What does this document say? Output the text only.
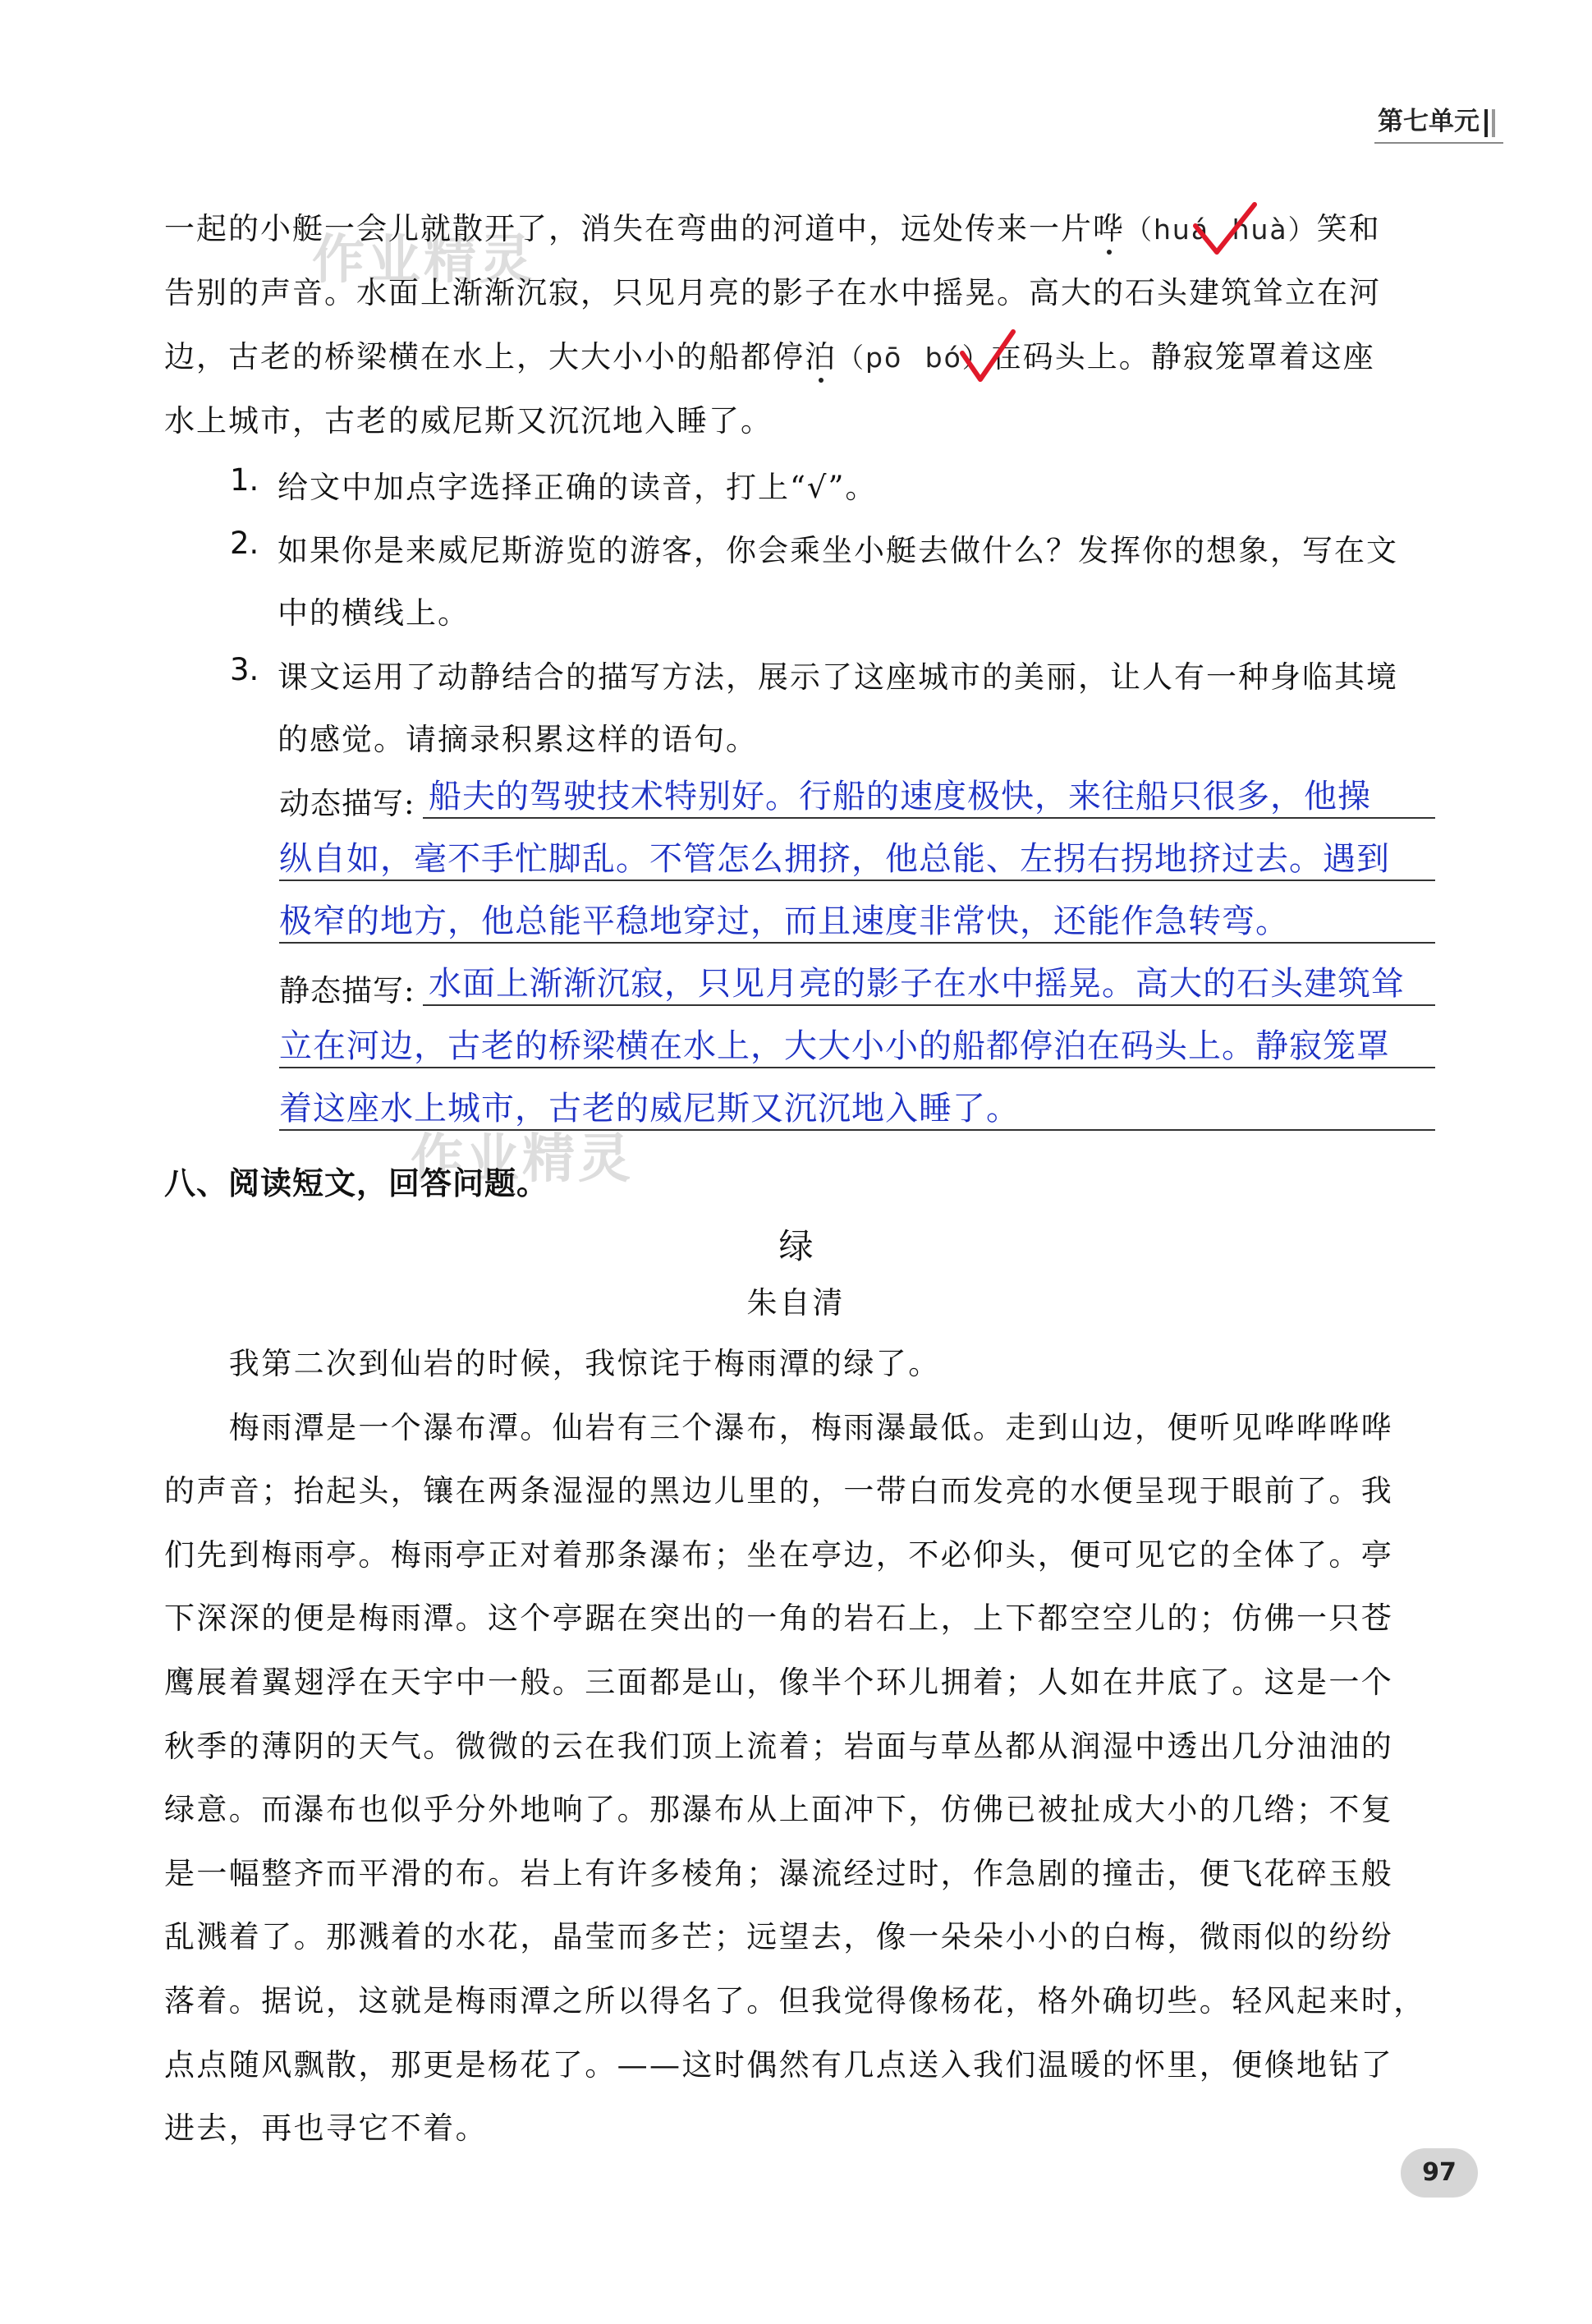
第七单元
作业精灵
作业精灵
一起的小艇一会儿就散开了，消失在弯曲的河道中，远处传来一片哗（huá huà）笑和
告别的声音。水面上渐渐沉寂，只见月亮的影子在水中摇晃。高大的石头建筑耸立在河
边，古老的桥梁横在水上，大大小小的船都停泊（pō bó）在码头上。静寂笼罩着这座
水上城市，古老的威尼斯又沉沉地入睡了。
1. 给文中加点字选择正确的读音，打上“√”。
2. 如果你是来威尼斯游览的游客，你会乘坐小艇去做什么？发挥你的想象，写在文
中的横线上。
3. 课文运用了动静结合的描写方法，展示了这座城市的美丽，让人有一种身临其境
的感觉。请摘录积累这样的语句。
动态描写: 船夫的驾驶技术特别好。行船的速度极快，来往船只很多，他操
纵自如，毫不手忙脚乱。不管怎么拥挤，他总能、左拐右拐地挤过去。遇到
极窄的地方，他总能平稳地穿过，而且速度非常快，还能作急转弯。
静态描写: 水面上渐渐沉寂，只见月亮的影子在水中摇晃。高大的石头建筑耸
立在河边，古老的桥梁横在水上，大大小小的船都停泊在码头上。静寂笼罩
着这座水上城市，古老的威尼斯又沉沉地入睡了。
八、阅读短文，回答问题。
绿
朱自清
　　我第二次到仙岩的时候，我惊诧于梅雨潭的绿了。
　　梅雨潭是一个瀑布潭。仙岩有三个瀑布，梅雨瀑最低。走到山边，便听见哗哗哗哗
的声音；抬起头，镶在两条湿湿的黑边儿里的，一带白而发亮的水便呈现于眼前了。我
们先到梅雨亭。梅雨亭正对着那条瀑布；坐在亭边，不必仰头，便可见它的全体了。亭
下深深的便是梅雨潭。这个亭踞在突出的一角的岩石上，上下都空空儿的；仿佛一只苍
鹰展着翼翅浮在天宇中一般。三面都是山，像半个环儿拥着；人如在井底了。这是一个
秋季的薄阴的天气。微微的云在我们顶上流着；岩面与草丛都从润湿中透出几分油油的
绿意。而瀑布也似乎分外地响了。那瀑布从上面冲下，仿佛已被扯成大小的几绺；不复
是一幅整齐而平滑的布。岩上有许多棱角；瀑流经过时，作急剧的撞击，便飞花碎玉般
乱溅着了。那溅着的水花，晶莹而多芒；远望去，像一朵朵小小的白梅，微雨似的纷纷
落着。据说，这就是梅雨潭之所以得名了。但我觉得像杨花，格外确切些。轻风起来时，
点点随风飘散，那更是杨花了。——这时偶然有几点送入我们温暖的怀里，便倏地钻了
进去，再也寻它不着。
97
